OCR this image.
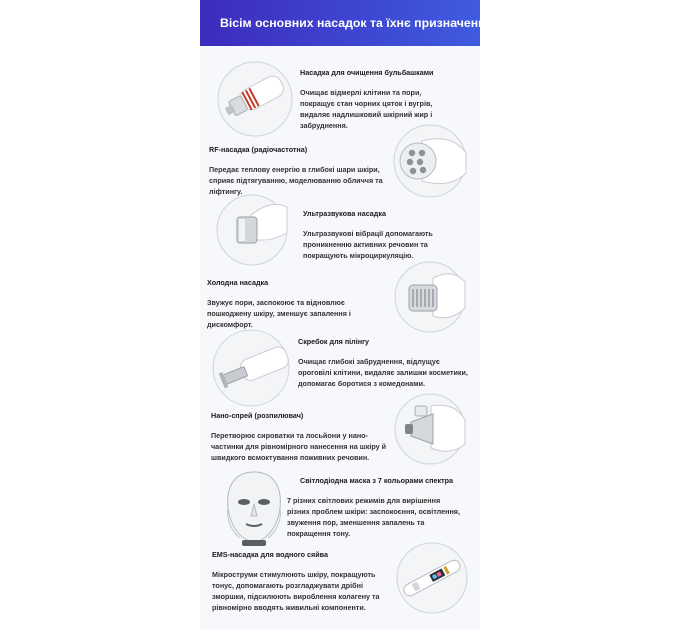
Вісім основних насадок та їхнє призначення
Насадка для очищення бульбашками
Очищає відмерлі клітини та пори,
покращує стан чорних цяток і вугрів,
видаляє надлишковий шкірний жир і
забруднення.
RF-насадка (радіочастотна)
Передає теплову енергію в глибокі шари шкіри,
сприяє підтягуванню, моделюванню обличчя та
ліфтингу.
Ультразвукова насадка
Ультразвукові вібрації допомагають
проникненню активних речовин та
покращують мікроциркуляцію.
Холодна насадка
Звужує пори, заспокоює та відновлює
пошкоджену шкіру, зменшує запалення і
дискомфорт.
Скребок для пілінгу
Очищає глибокі забруднення, відлущує
ороговілі клітини, видаляє залишки косметики,
допомагає боротися з комедонами.
Нано-спрей (розпилювач)
Перетворює сироватки та лосьйони у нано-
частинки для рівномірного нанесення на шкіру й
швидкого всмоктування поживних речовин.
Світлодіодна маска з 7 кольорами спектра
7 різних світлових режимів для вирішення
різних проблем шкіри: заспокоєння, освітлення,
звуження пор, зменшення запалень та
покращення тону.
EMS-насадка для водного сяйва
Мікроструми стимулюють шкіру, покращують
тонус, допомагають розгладжувати дрібні
зморшки, підсилюють вироблення колагену та
рівномірно вводять живильні компоненти.
